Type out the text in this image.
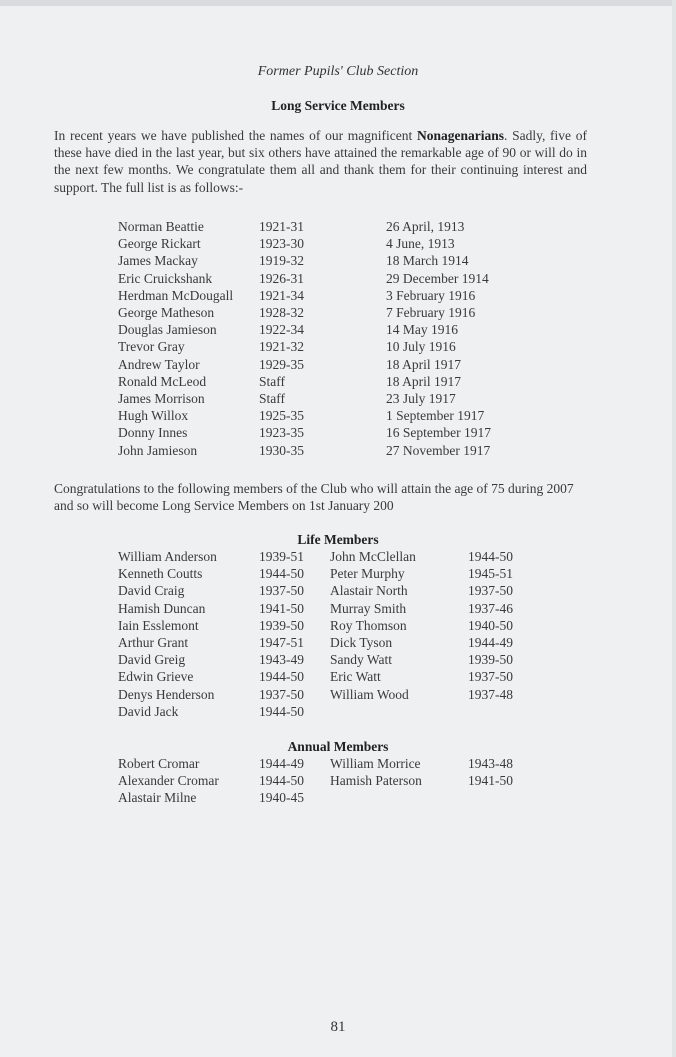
Former Pupils' Club Section
Long Service Members

In recent years we have published the names of our magnificent Nonagenarians. Sadly, five of these have died in the last year, but six others have attained the remarkable age of 90 or will do in the next few months. We congratulate them all and thank them for their continuing interest and support. The full list is as follows:-

Norman Beattie	1921-31	26 April, 1913
George Rickart	1923-30	4 June, 1913
James Mackay	1919-32	18 March 1914
Eric Cruickshank	1926-31	29 December 1914
Herdman McDougall	1921-34	3 February 1916
George Matheson	1928-32	7 February 1916
Douglas Jamieson	1922-34	14 May 1916
Trevor Gray	1921-32	10 July 1916
Andrew Taylor	1929-35	18 April 1917
Ronald McLeod	Staff	18 April 1917
James Morrison	Staff	23 July 1917
Hugh Willox	1925-35	1 September 1917
Donny Innes	1923-35	16 September 1917
John Jamieson	1930-35	27 November 1917

Congratulations to the following members of the Club who will attain the age of 75 during 2007 and so will become Long Service Members on 1st January 200

Life Members
William Anderson	1939-51	John McClellan	1944-50
Kenneth Coutts	1944-50	Peter Murphy	1945-51
David Craig	1937-50	Alastair North	1937-50
Hamish Duncan	1941-50	Murray Smith	1937-46
Iain Esslemont	1939-50	Roy Thomson	1940-50
Arthur Grant	1947-51	Dick Tyson	1944-49
David Greig	1943-49	Sandy Watt	1939-50
Edwin Grieve	1944-50	Eric Watt	1937-50
Denys Henderson	1937-50	William Wood	1937-48
David Jack	1944-50		
Annual Members
Robert Cromar	1944-49	William Morrice	1943-48
Alexander Cromar	1944-50	Hamish Paterson	1941-50
Alastair Milne	1940-45		
81
